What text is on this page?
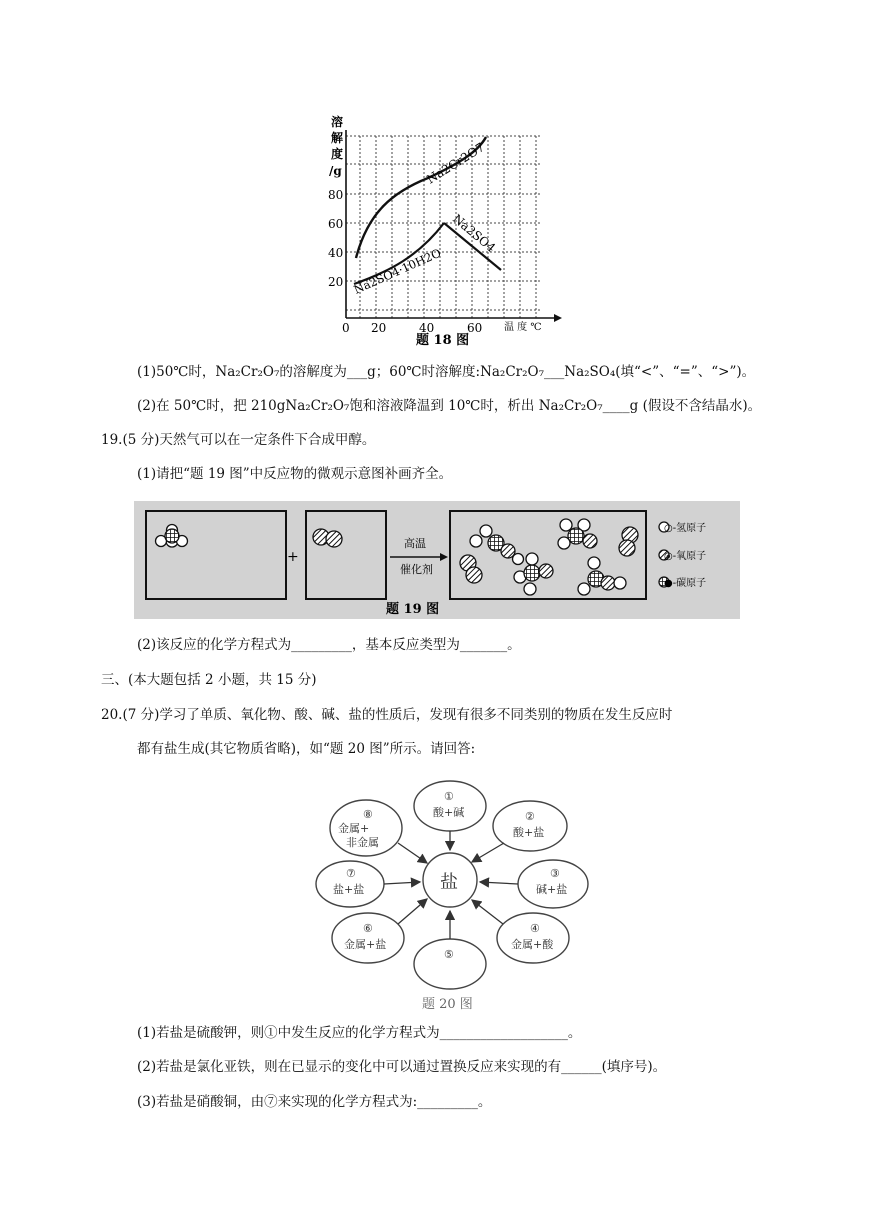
溶
解
度
/g
20
40
60
80
0 20	40	60 温 度 ℃
Na2Cr2O7
Na2SO4
Na2SO4·10H2O
题 18 图
(1)50℃时，Na₂Cr₂O₇的溶解度为___g；60℃时溶解度:Na₂Cr₂O₇___Na₂SO₄(填“<”、“=”、“>”)。
(2)在 50℃时，把 210gNa₂Cr₂O₇饱和溶液降温到 10℃时，析出 Na₂Cr₂O₇____g (假设不含结晶水)。
19.(5 分)天然气可以在一定条件下合成甲醇。
(1)请把“题 19 图”中反应物的微观示意图补画齐全。
+
高温
催化剂
○-氢原子
◎-氧原子
●-碳原子
题 19 图
(2)该反应的化学方程式为_________，基本反应类型为_______。
三、(本大题包括 2 小题，共 15 分)
20.(7 分)学习了单质、氧化物、酸、碱、盐的性质后，发现有很多不同类别的物质在发生反应时
都有盐生成(其它物质省略)，如“题 20 图”所示。请回答:
盐
①
酸+碱	②
酸+盐
③
碱+盐
④
金属+酸
⑤
⑥
金属+盐
⑦
盐+盐
⑧
金属+
非金属
题 20 图
(1)若盐是硫酸钾，则①中发生反应的化学方程式为___________________。
(2)若盐是氯化亚铁，则在已显示的变化中可以通过置换反应来实现的有______(填序号)。
(3)若盐是硝酸铜，由⑦来实现的化学方程式为:_________。
